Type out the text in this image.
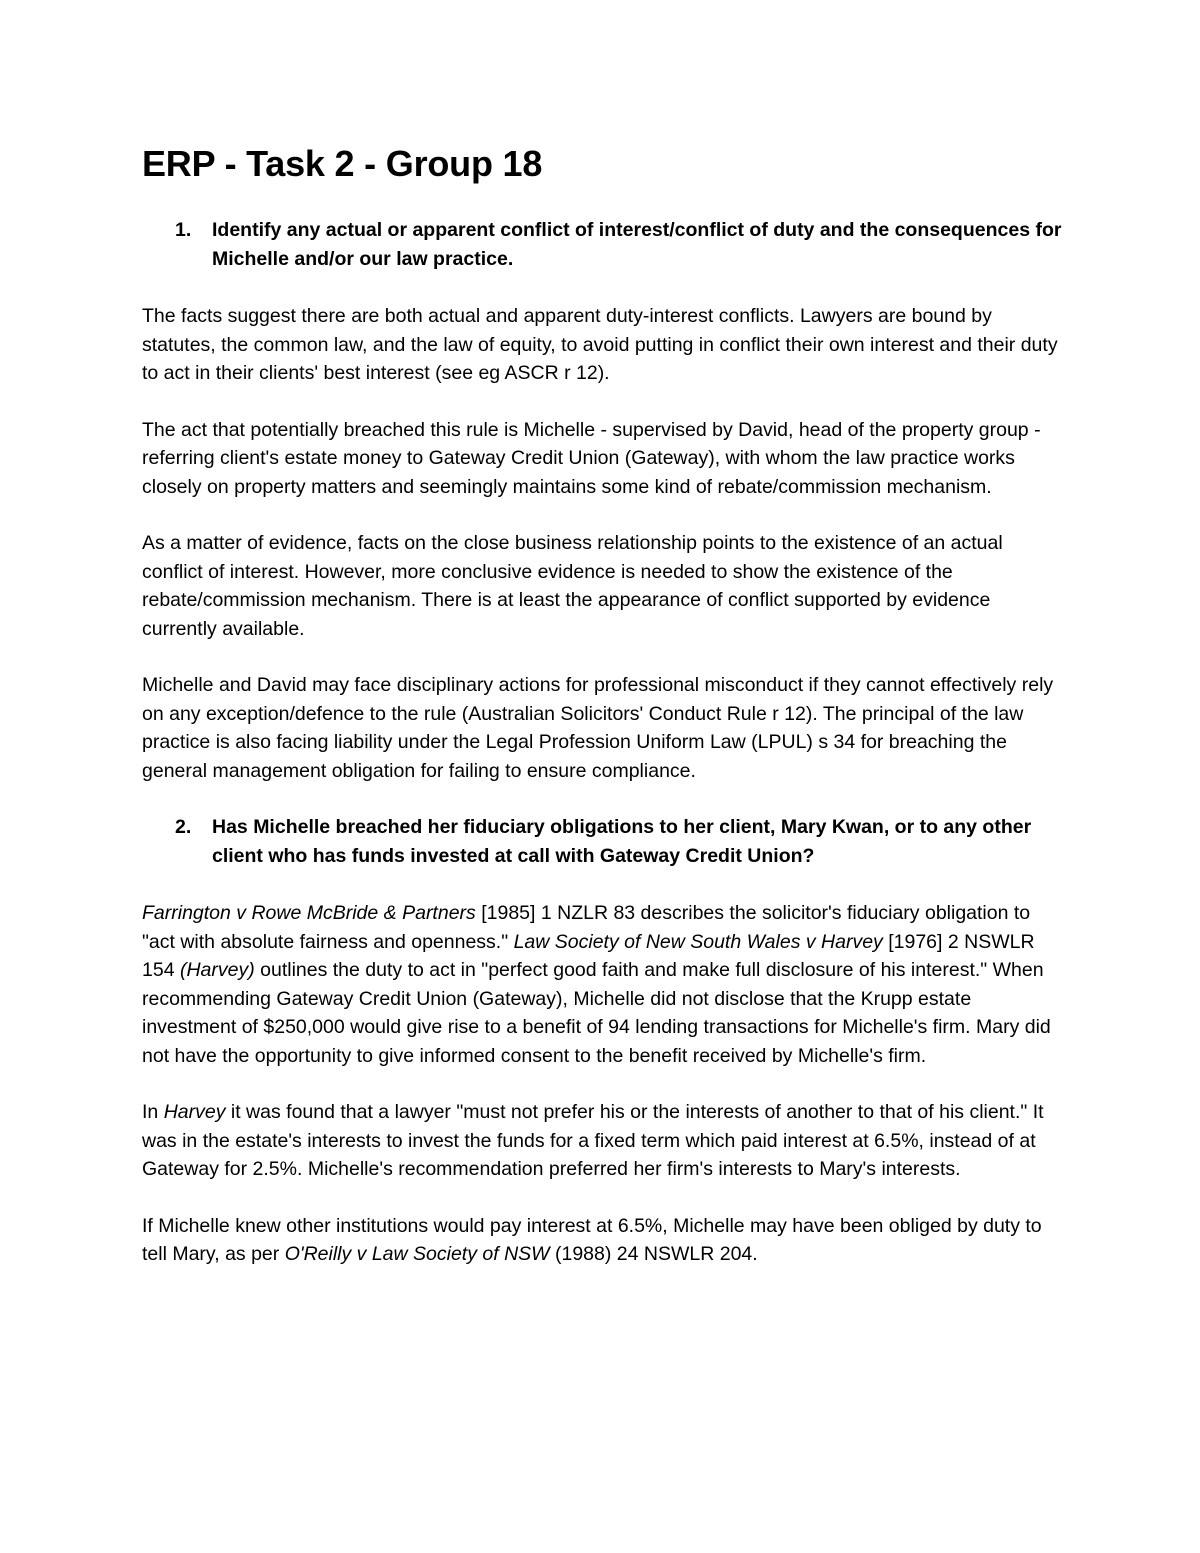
ERP - Task 2 - Group 18
1.	Identify any actual or apparent conflict of interest/conflict of duty and the consequences for Michelle and/or our law practice.

The facts suggest there are both actual and apparent duty-interest conflicts. Lawyers are bound by statutes, the common law, and the law of equity, to avoid putting in conflict their own interest and their duty to act in their clients' best interest (see eg ASCR r 12).

The act that potentially breached this rule is Michelle - supervised by David, head of the property group - referring client's estate money to Gateway Credit Union (Gateway), with whom the law practice works closely on property matters and seemingly maintains some kind of rebate/commission mechanism.

As a matter of evidence, facts on the close business relationship points to the existence of an actual conflict of interest. However, more conclusive evidence is needed to show the existence of the rebate/commission mechanism. There is at least the appearance of conflict supported by evidence currently available.

Michelle and David may face disciplinary actions for professional misconduct if they cannot effectively rely on any exception/defence to the rule (Australian Solicitors' Conduct Rule r 12). The principal of the law practice is also facing liability under the Legal Profession Uniform Law (LPUL) s 34 for breaching the general management obligation for failing to ensure compliance.

2.	Has Michelle breached her fiduciary obligations to her client, Mary Kwan, or to any other client who has funds invested at call with Gateway Credit Union?

Farrington v Rowe McBride & Partners [1985] 1 NZLR 83 describes the solicitor's fiduciary obligation to "act with absolute fairness and openness." Law Society of New South Wales v Harvey [1976] 2 NSWLR 154 (Harvey) outlines the duty to act in "perfect good faith and make full disclosure of his interest." When recommending Gateway Credit Union (Gateway), Michelle did not disclose that the Krupp estate investment of $250,000 would give rise to a benefit of 94 lending transactions for Michelle's firm. Mary did not have the opportunity to give informed consent to the benefit received by Michelle's firm.

In Harvey it was found that a lawyer "must not prefer his or the interests of another to that of his client." It was in the estate's interests to invest the funds for a fixed term which paid interest at 6.5%, instead of at Gateway for 2.5%. Michelle's recommendation preferred her firm's interests to Mary's interests.

If Michelle knew other institutions would pay interest at 6.5%, Michelle may have been obliged by duty to tell Mary, as per O'Reilly v Law Society of NSW (1988) 24 NSWLR 204.
